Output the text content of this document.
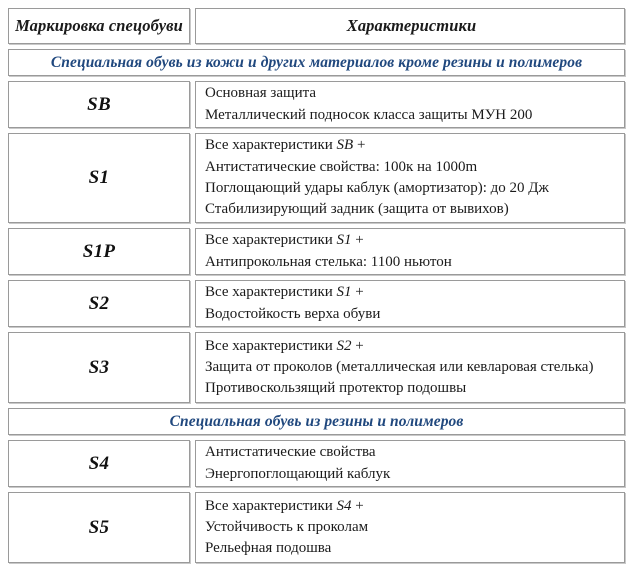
Маркировка спецобуви	Характеристики
Специальная обувь из кожи и других материалов кроме резины и полимеров
SB
Основная защита
Металлический подносок класса защиты МУН 200
S1
Все характеристики SB +
Антистатические свойства: 100к на 1000m
Поглощающий удары каблук (амортизатор): до 20 Дж
Стабилизирующий задник (защита от вывихов)
S1P
Все характеристики S1 +
Антипрокольная стелька: 1100 ньютон
S2
Все характеристики S1 +
Водостойкость верха обуви
S3
Все характеристики S2 +
Защита от проколов (металлическая или кевларовая стелька)
Противоскользящий протектор подошвы
Специальная обувь из резины и полимеров
S4
Антистатические свойства
Энергопоглощающий каблук
S5
Все характеристики S4 +
Устойчивость к проколам
Рельефная подошва
